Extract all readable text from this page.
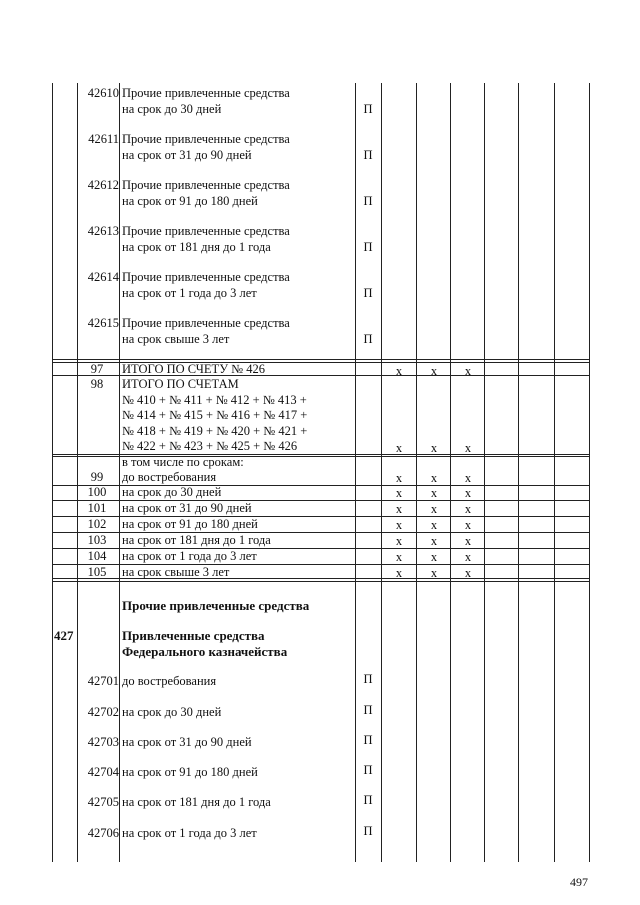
42610 Прочие привлеченные средства
на срок до 30 дней	П
42611 Прочие привлеченные средства
на срок от 31 до 90 дней	П
42612 Прочие привлеченные средства
на срок от 91 до 180 дней	П
42613 Прочие привлеченные средства
на срок от 181 дня до 1 года	П
42614 Прочие привлеченные средства
на срок от 1 года до 3 лет	П
42615 Прочие привлеченные средства
на срок свыше 3 лет	П
97	ИТОГО ПО СЧЕТУ № 426	x	x	x
98	ИТОГО ПО СЧЕТАМ
№ 410 + № 411 + № 412 + № 413 +
№ 414 + № 415 + № 416 + № 417 +
№ 418 + № 419 + № 420 + № 421 +
№ 422 + № 423 + № 425 + № 426	x	x	x
в том числе по срокам:
99	до востребования	x	x	x
100	на срок до 30 дней	x	x	x
101	на срок от 31 до 90 дней	x	x	x
102	на срок от 91 до 180 дней	x	x	x
103	на срок от 181 дня до 1 года	x	x	x
104	на срок от 1 года до 3 лет	x	x	x
105	на срок свыше 3 лет	x	x	x
Прочие привлеченные средства
427	Привлеченные средства
Федерального казначейства
42701 до востребования	П
42702 на срок до 30 дней	П
42703 на срок от 31 до 90 дней	П
42704 на срок от 91 до 180 дней	П
42705 на срок от 181 дня до 1 года	П
42706 на срок от 1 года до 3 лет	П
497
